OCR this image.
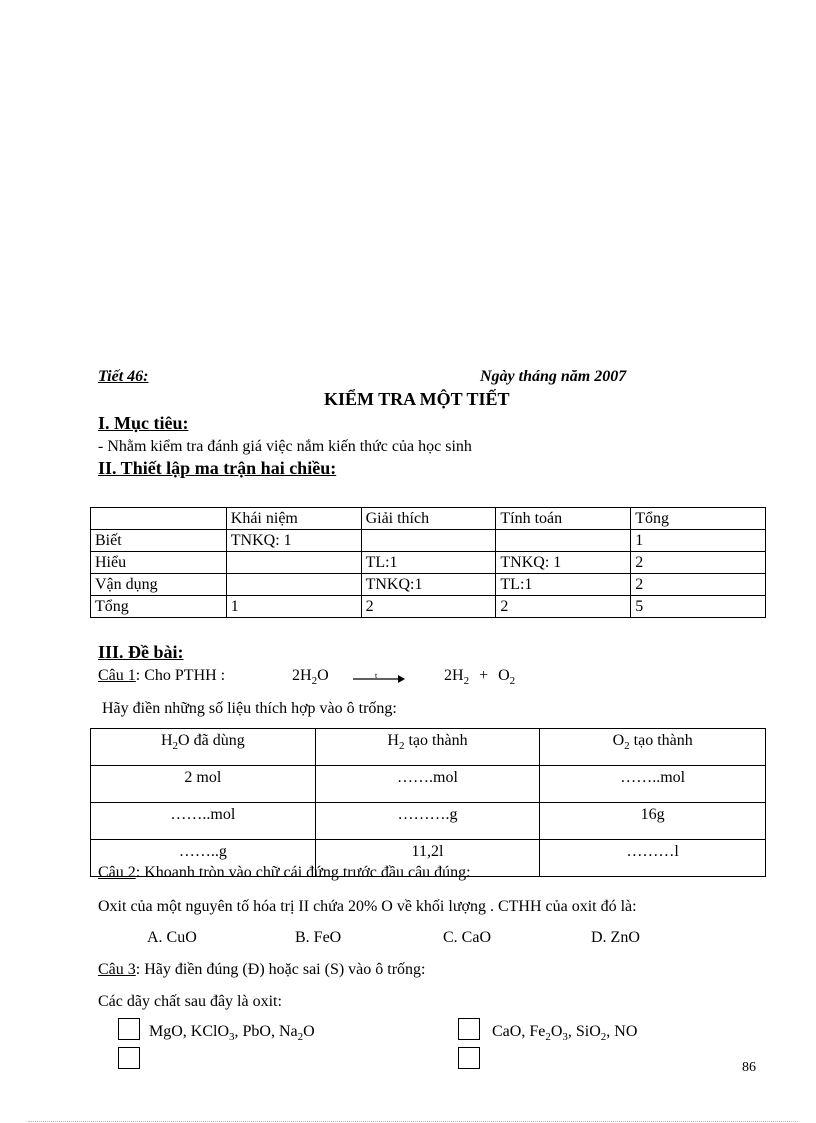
Tiết 46:	Ngày tháng năm 2007
KIỂM TRA MỘT TIẾT
I. Mục tiêu:
- Nhằm kiểm tra đánh giá việc nắm kiến thức của học sinh
II. Thiết lập ma trận hai chiều:
	Khái niệm	Giải thích	Tính toán	Tổng
Biết	TNKQ: 1			1
Hiểu		TL:1	TNKQ: 1	2
Vận dụng		TNKQ:1	TL:1	2
Tổng	1	2	2	5
III. Đề bài:
Câu 1: Cho PTHH :	$2H_2O$	t	$2H_2 + O_2$
Hãy điền những số liệu thích hợp vào ô trống:
$H_2O$ đã dùng	$H_2$ tạo thành	$O_2$ tạo thành
2 mol	…….mol	……..mol
……..mol	……….g	16g
……..g	11,2l	………l
Câu 2: Khoanh tròn vào chữ cái đứng trước đầu câu đúng:
Oxit của một nguyên tố hóa trị II chứa 20% O về khối lượng . CTHH của oxit đó là:
A. CuO	B. FeO	C. CaO	D. ZnO
Câu 3: Hãy điền đúng (Đ) hoặc sai (S) vào ô trống:
Các dãy chất sau đây là oxit:
MgO, KClO$_3$, PbO, $Na_2O$	CaO, $Fe_2O_3$, SiO$_2$, NO
86
